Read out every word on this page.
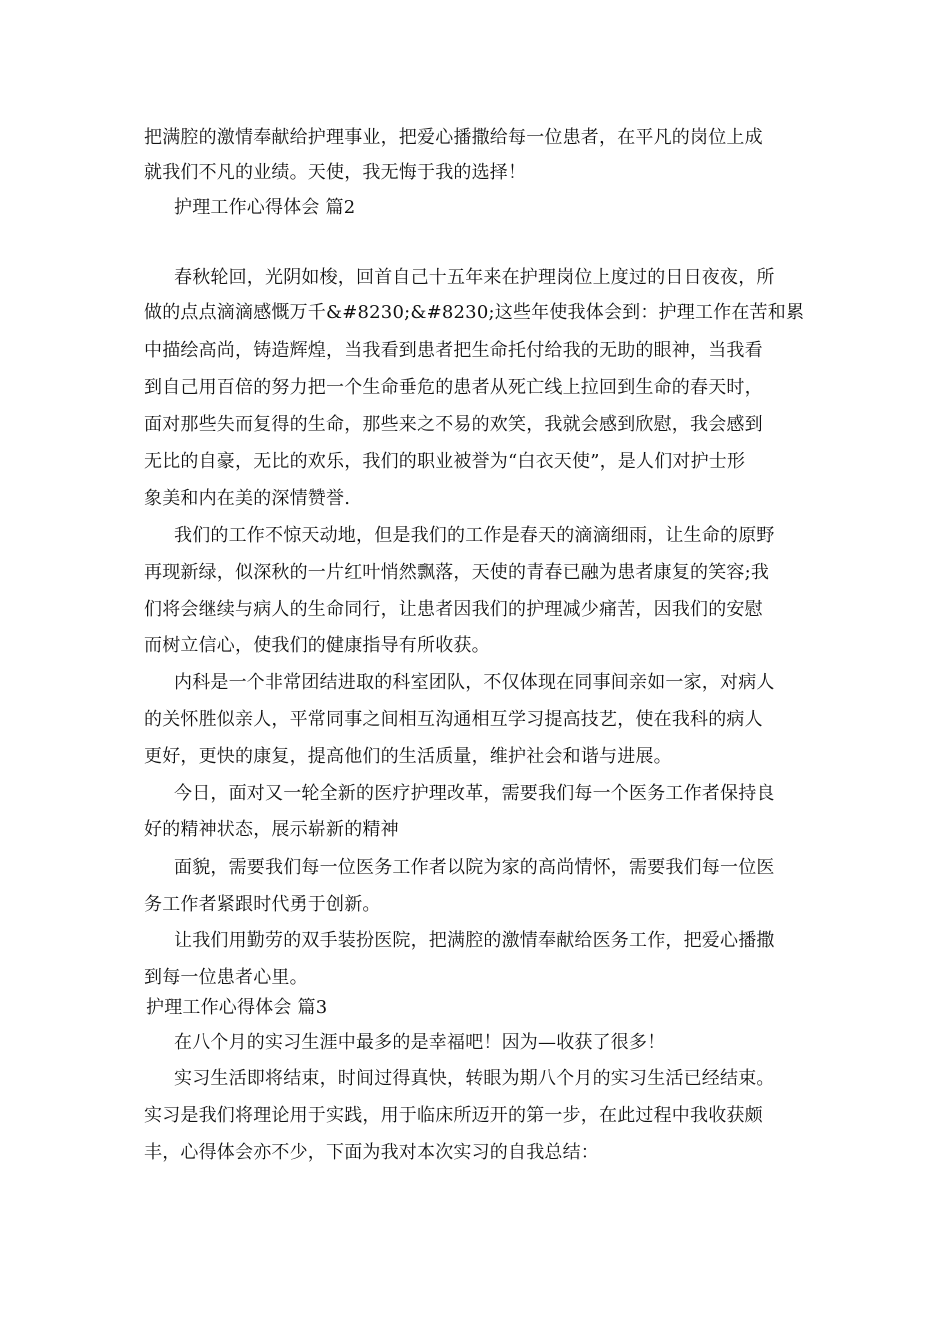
把满腔的激情奉献给护理事业，把爱心播撒给每一位患者，在平凡的岗位上成
就我们不凡的业绩。天使，我无悔于我的选择！
护理工作心得体会 篇2
春秋轮回，光阴如梭，回首自己十五年来在护理岗位上度过的日日夜夜，所
做的点点滴滴感慨万千&#8230;&#8230;这些年使我体会到：护理工作在苦和累
中描绘高尚，铸造辉煌，当我看到患者把生命托付给我的无助的眼神，当我看
到自己用百倍的努力把一个生命垂危的患者从死亡线上拉回到生命的春天时，
面对那些失而复得的生命，那些来之不易的欢笑，我就会感到欣慰，我会感到
无比的自豪，无比的欢乐，我们的职业被誉为“白衣天使”，是人们对护士形
象美和内在美的深情赞誉.
我们的工作不惊天动地，但是我们的工作是春天的滴滴细雨，让生命的原野
再现新绿，似深秋的一片红叶悄然飘落，天使的青春已融为患者康复的笑容;我
们将会继续与病人的生命同行，让患者因我们的护理减少痛苦，因我们的安慰
而树立信心，使我们的健康指导有所收获。
内科是一个非常团结进取的科室团队，不仅体现在同事间亲如一家，对病人
的关怀胜似亲人，平常同事之间相互沟通相互学习提高技艺，使在我科的病人
更好，更快的康复，提高他们的生活质量，维护社会和谐与进展。
今日，面对又一轮全新的医疗护理改革，需要我们每一个医务工作者保持良
好的精神状态，展示崭新的精神
面貌，需要我们每一位医务工作者以院为家的高尚情怀，需要我们每一位医
务工作者紧跟时代勇于创新。
让我们用勤劳的双手装扮医院，把满腔的激情奉献给医务工作，把爱心播撒
到每一位患者心里。
护理工作心得体会 篇3
在八个月的实习生涯中最多的是幸福吧！因为—收获了很多！
实习生活即将结束，时间过得真快，转眼为期八个月的实习生活已经结束。
实习是我们将理论用于实践，用于临床所迈开的第一步，在此过程中我收获颇
丰，心得体会亦不少，下面为我对本次实习的自我总结：
